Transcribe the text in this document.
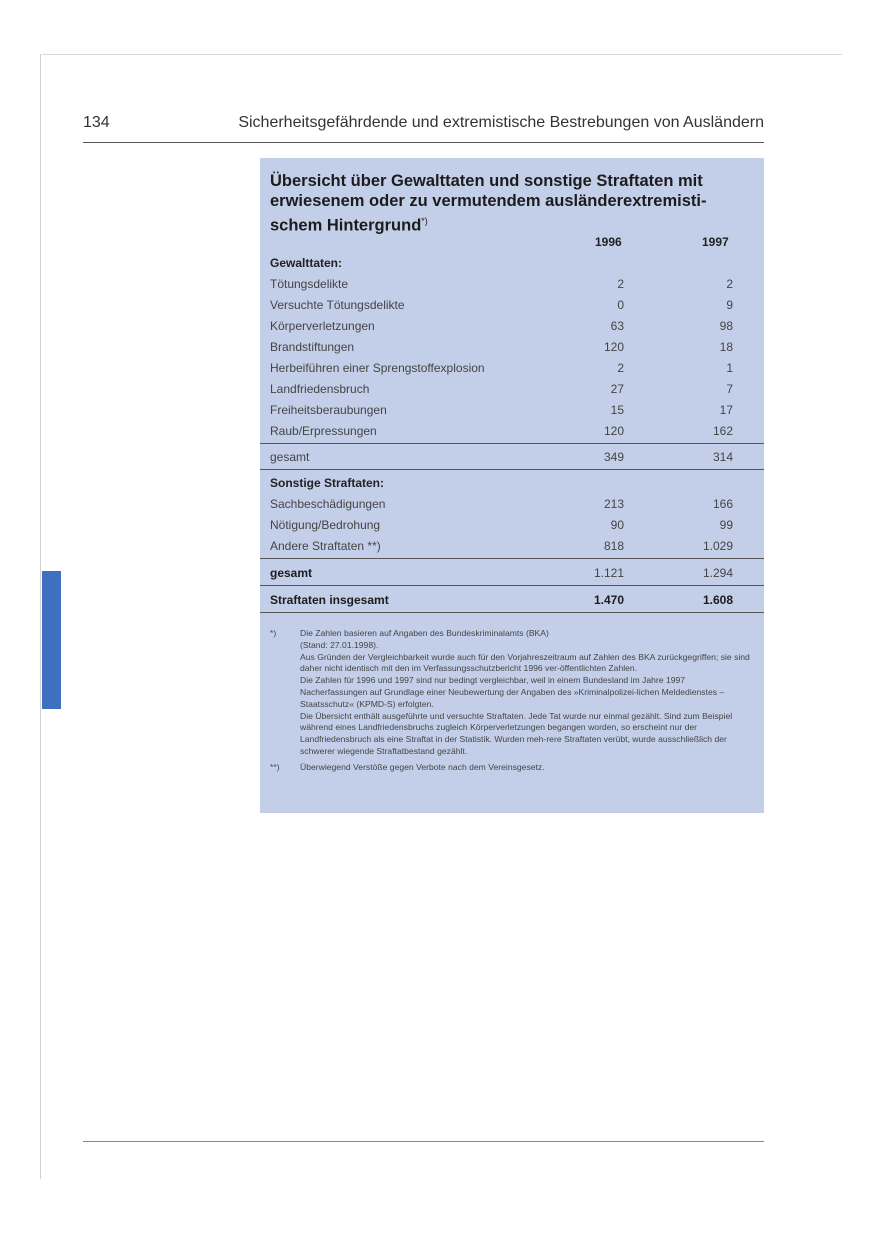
134	Sicherheitsgefährdende und extremistische Bestrebungen von Ausländern
Übersicht über Gewalttaten und sonstige Straftaten mit erwiesenem oder zu vermutendem ausländerextremisti-schem Hintergrund*)
1996	1997
Gewalttaten:
Tötungsdelikte	2	2
Versuchte Tötungsdelikte	0	9
Körperverletzungen	63	98
Brandstiftungen	120	18
Herbeiführen einer Sprengstoffexplosion	2	1
Landfriedensbruch	27	7
Freiheitsberaubungen	15	17
Raub/Erpressungen	120	162
gesamt	349	314
Sonstige Straftaten:
Sachbeschädigungen	213	166
Nötigung/Bedrohung	90	99
Andere Straftaten **)	818	1.029
gesamt	1.121	1.294
Straftaten insgesamt	1.470	1.608
*)	Die Zahlen basieren auf Angaben des Bundeskriminalamts (BKA)

(Stand: 27.01.1998).

Aus Gründen der Vergleichbarkeit wurde auch für den Vorjahreszeitraum auf Zahlen des BKA zurückgegriffen; sie sind daher nicht identisch mit den im Verfassungsschutzbericht 1996 ver-öffentlichten Zahlen.

Die Zahlen für 1996 und 1997 sind nur bedingt vergleichbar, weil in einem Bundesland im Jahre 1997 Nacherfassungen auf Grundlage einer Neubewertung der Angaben des »Kriminalpolizei-lichen Meldedienstes – Staatsschutz« (KPMD-S) erfolgten.

Die Übersicht enthält ausgeführte und versuchte Straftaten. Jede Tat wurde nur einmal gezählt. Sind zum Beispiel während eines Landfriedensbruchs zugleich Körperverletzungen begangen worden, so erscheint nur der Landfriedensbruch als eine Straftat in der Statistik. Wurden meh-rere Straftaten verübt, wurde ausschließlich der schwerer wiegende Straftatbestand gezählt.

**) Überwiegend Verstöße gegen Verbote nach dem Vereinsgesetz.
